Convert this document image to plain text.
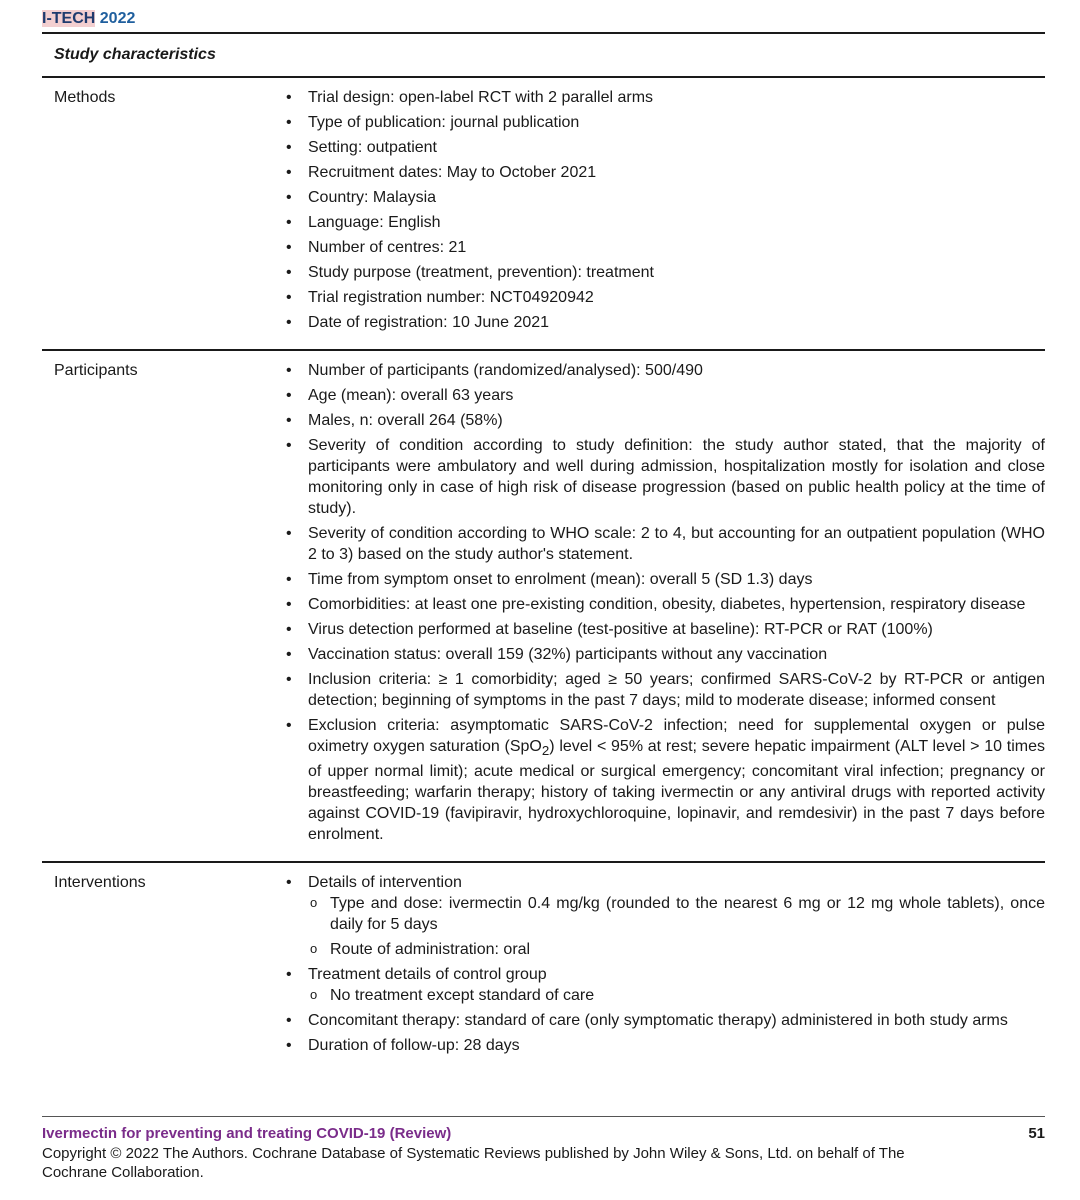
I-TECH 2022
Study characteristics
Methods	• Trial design: open-label RCT with 2 parallel arms
• Type of publication: journal publication
• Setting: outpatient
• Recruitment dates: May to October 2021
• Country: Malaysia
• Language: English
• Number of centres: 21
• Study purpose (treatment, prevention): treatment
• Trial registration number: NCT04920942
• Date of registration: 10 June 2021
Participants	• Number of participants (randomized/analysed): 500/490
• Age (mean): overall 63 years
• Males, n: overall 264 (58%)
• Severity of condition according to study definition: the study author stated, that the majority of participants were ambulatory and well during admission, hospitalization mostly for isolation and close monitoring only in case of high risk of disease progression (based on public health policy at the time of study).
• Severity of condition according to WHO scale: 2 to 4, but accounting for an outpatient population (WHO 2 to 3) based on the study author's statement.
• Time from symptom onset to enrolment (mean): overall 5 (SD 1.3) days
• Comorbidities: at least one pre-existing condition, obesity, diabetes, hypertension, respiratory disease
• Virus detection performed at baseline (test-positive at baseline): RT-PCR or RAT (100%)
• Vaccination status: overall 159 (32%) participants without any vaccination
• Inclusion criteria: ≥ 1 comorbidity; aged ≥ 50 years; confirmed SARS-CoV-2 by RT-PCR or antigen detection; beginning of symptoms in the past 7 days; mild to moderate disease; informed consent
• Exclusion criteria: asymptomatic SARS-CoV-2 infection; need for supplemental oxygen or pulse oximetry oxygen saturation (SpO$_2$) level < 95% at rest; severe hepatic impairment (ALT level > 10 times of upper normal limit); acute medical or surgical emergency; concomitant viral infection; pregnancy or breastfeeding; warfarin therapy; history of taking ivermectin or any antiviral drugs with reported activity against COVID-19 (favipiravir, hydroxychloroquine, lopinavir, and remdesivir) in the past 7 days before enrolment.
Interventions	• Details of intervention
o Type and dose: ivermectin 0.4 mg/kg (rounded to the nearest 6 mg or 12 mg whole tablets), once daily for 5 days
o Route of administration: oral
• Treatment details of control group
o No treatment except standard of care
• Concomitant therapy: standard of care (only symptomatic therapy) administered in both study arms
• Duration of follow-up: 28 days
Ivermectin for preventing and treating COVID-19 (Review)	51
Copyright © 2022 The Authors. Cochrane Database of Systematic Reviews published by John Wiley & Sons, Ltd. on behalf of The Cochrane Collaboration.
